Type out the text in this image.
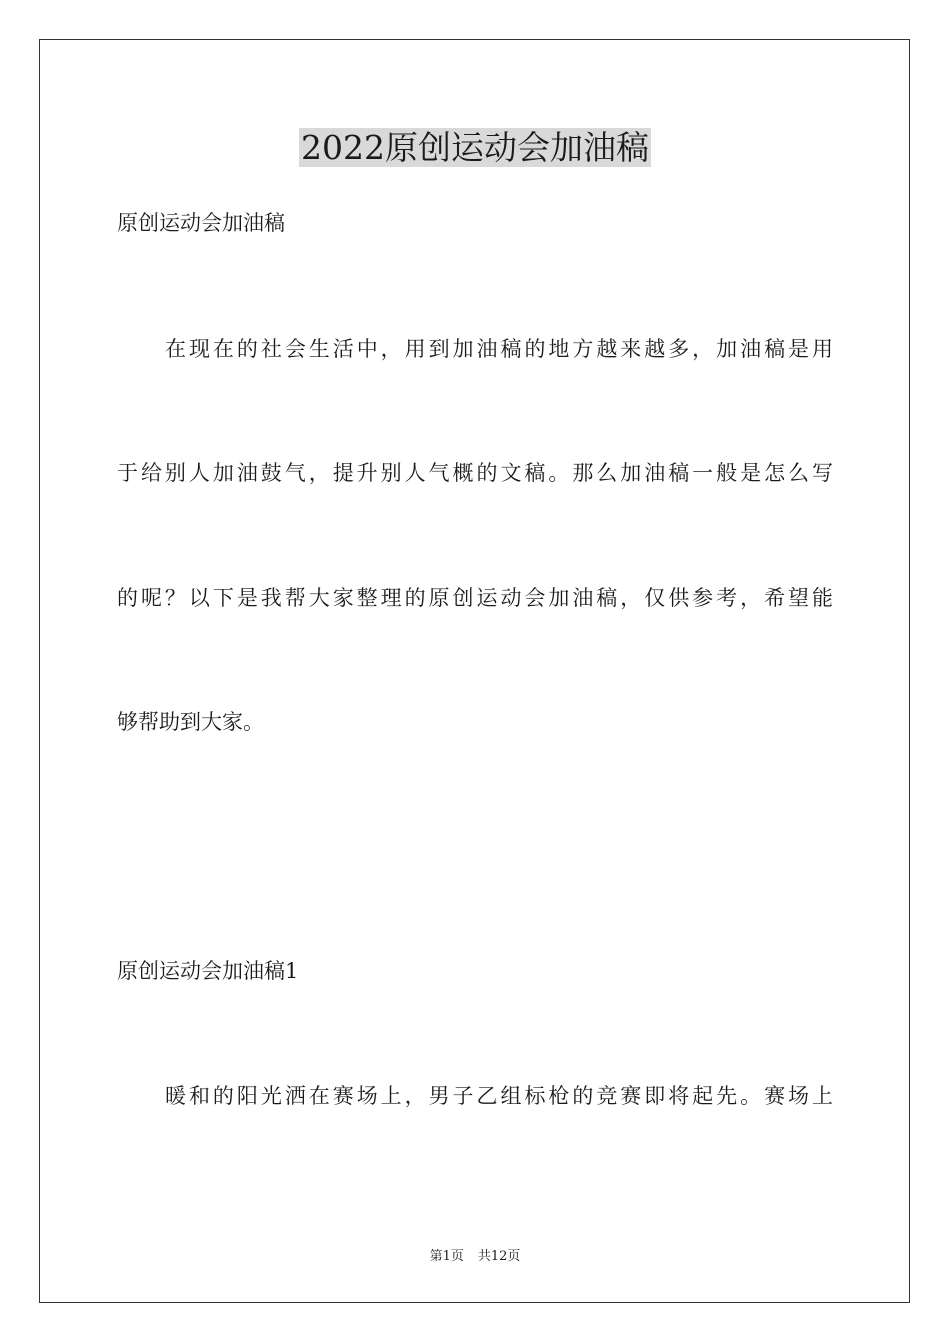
2022原创运动会加油稿
原创运动会加油稿
在现在的社会生活中，用到加油稿的地方越来越多，加油稿是用
于给别人加油鼓气，提升别人气概的文稿。那么加油稿一般是怎么写
的呢？以下是我帮大家整理的原创运动会加油稿，仅供参考，希望能
够帮助到大家。
原创运动会加油稿1
暖和的阳光洒在赛场上，男子乙组标枪的竞赛即将起先。赛场上
第1页 共12页
